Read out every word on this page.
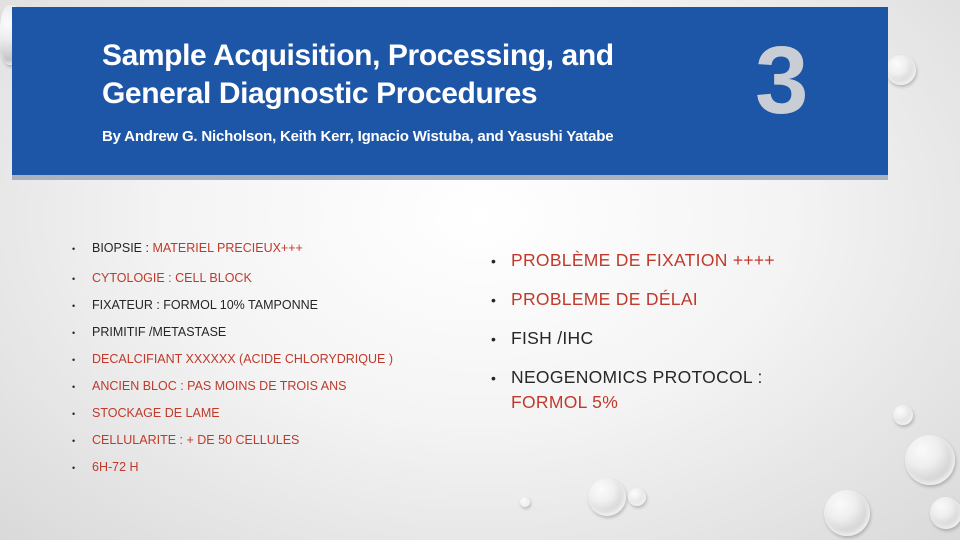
Sample Acquisition, Processing, and
General Diagnostic Procedures	3
By Andrew G. Nicholson, Keith Kerr, Ignacio Wistuba, and Yasushi Yatabe
• BIOPSIE : MATERIEL PRECIEUX+++
• CYTOLOGIE : CELL BLOCK
• FIXATEUR : FORMOL 10% TAMPONNE
• PRIMITIF /METASTASE
• DECALCIFIANT XXXXXX (ACIDE CHLORYDRIQUE )
• ANCIEN BLOC : PAS MOINS DE TROIS ANS
• STOCKAGE DE LAME
• CELLULARITE : + DE 50 CELLULES
• 6H-72 H
• PROBLÈME DE FIXATION ++++
• PROBLEME DE DÉLAI
• FISH /IHC
• NEOGENOMICS PROTOCOL :
FORMOL 5%
